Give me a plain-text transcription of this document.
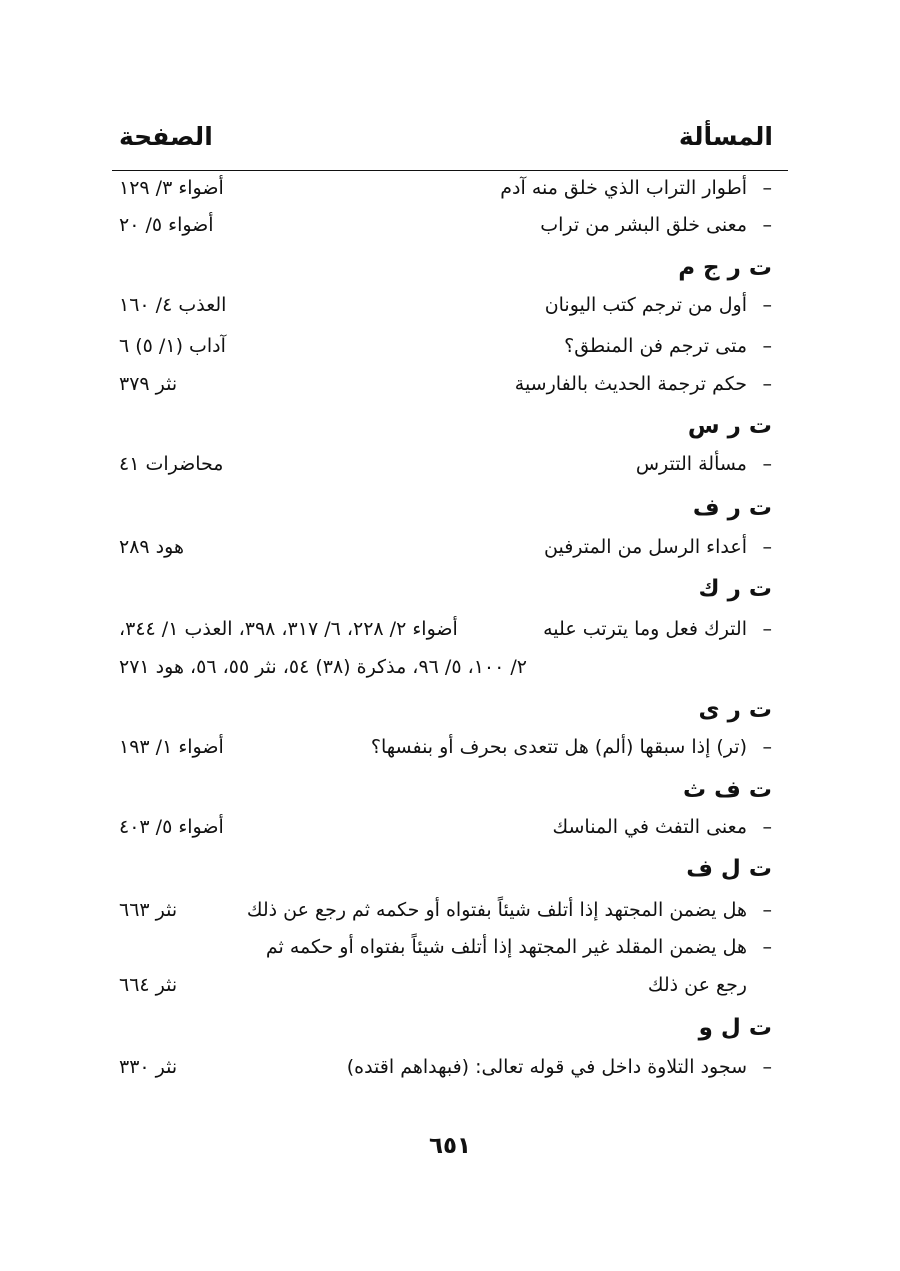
المسألة
الصفحة
–
أطوار التراب الذي خلق منه آدم
أضواء ٣/ ١٢٩
–
معنى خلق البشر من تراب
أضواء ٥/ ٢٠
ت ر ج م
–
أول من ترجم كتب اليونان
العذب ٤/ ١٦٠
–
متى ترجم فن المنطق؟
آداب (١/ ٥) ٦
–
حكم ترجمة الحديث بالفارسية
نثر ٣٧٩
ت ر س
–
مسألة التترس
محاضرات ٤١
ت ر ف
–
أعداء الرسل من المترفين
هود ٢٨٩
ت ر ك
–
الترك فعل وما يترتب عليه
أضواء ٢/ ٢٢٨، ٦/ ٣١٧، ٣٩٨، العذب ١/ ٣٤٤،
٢/ ١٠٠، ٥/ ٩٦، مذكرة (٣٨) ٥٤، نثر ٥٥، ٥٦، هود ٢٧١
ت ر ى
–
(تر) إذا سبقها (ألم) هل تتعدى بحرف أو بنفسها؟
أضواء ١/ ١٩٣
ت ف ث
–
معنى التفث في المناسك
أضواء ٥/ ٤٠٣
ت ل ف
–
هل يضمن المجتهد إذا أتلف شيئاً بفتواه أو حكمه ثم رجع عن ذلك
نثر ٦٦٣
–
هل يضمن المقلد غير المجتهد إذا أتلف شيئاً بفتواه أو حكمه ثم
رجع عن ذلك
نثر ٦٦٤
ت ل و
–
سجود التلاوة داخل في قوله تعالى: (فبهداهم اقتده)
نثر ٣٣٠
٦٥١
